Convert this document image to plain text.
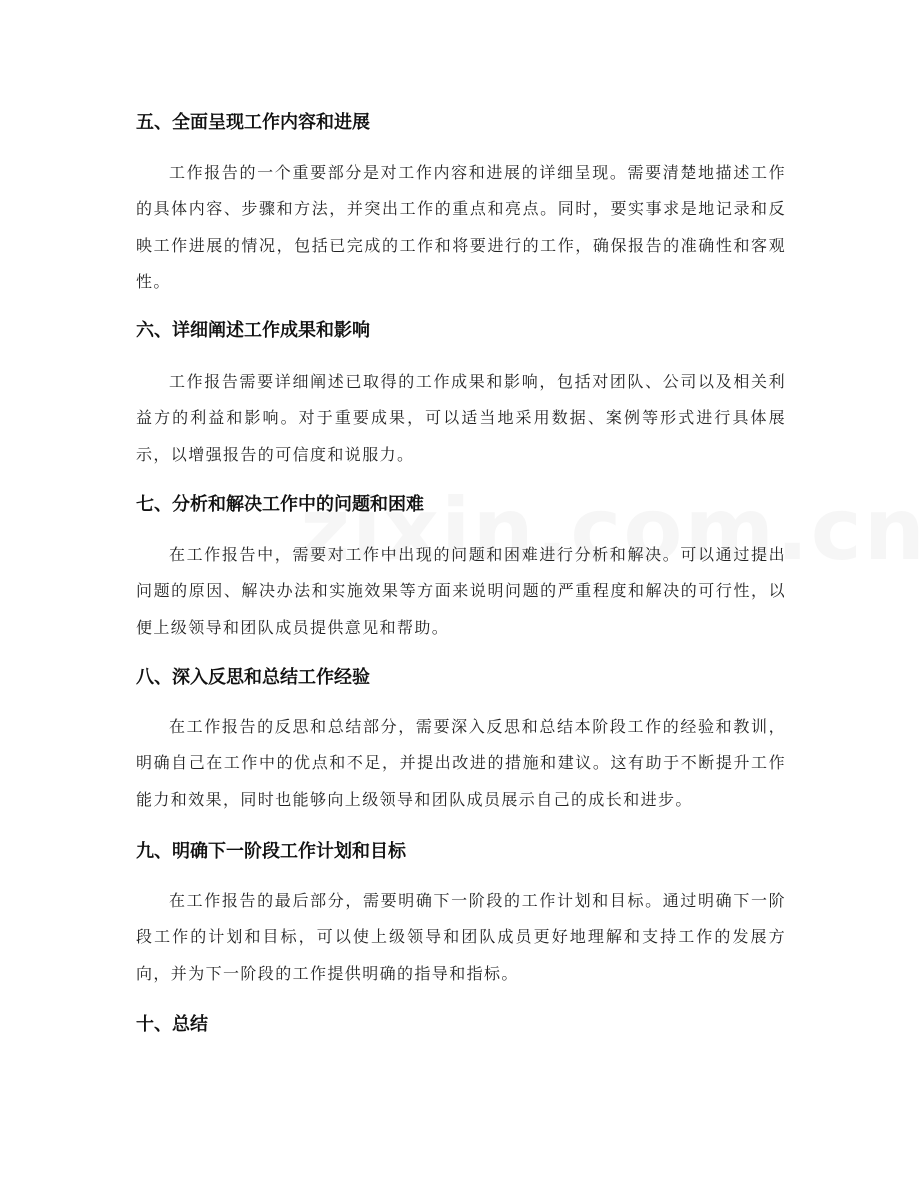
五、全面呈现工作内容和进展

工作报告的一个重要部分是对工作内容和进展的详细呈现。需要清楚地描述工作的具体内容、步骤和方法，并突出工作的重点和亮点。同时，要实事求是地记录和反映工作进展的情况，包括已完成的工作和将要进行的工作，确保报告的准确性和客观性。

六、详细阐述工作成果和影响

工作报告需要详细阐述已取得的工作成果和影响，包括对团队、公司以及相关利益方的利益和影响。对于重要成果，可以适当地采用数据、案例等形式进行具体展示，以增强报告的可信度和说服力。

七、分析和解决工作中的问题和困难

在工作报告中，需要对工作中出现的问题和困难进行分析和解决。可以通过提出问题的原因、解决办法和实施效果等方面来说明问题的严重程度和解决的可行性，以便上级领导和团队成员提供意见和帮助。

八、深入反思和总结工作经验

在工作报告的反思和总结部分，需要深入反思和总结本阶段工作的经验和教训，明确自己在工作中的优点和不足，并提出改进的措施和建议。这有助于不断提升工作能力和效果，同时也能够向上级领导和团队成员展示自己的成长和进步。

九、明确下一阶段工作计划和目标

在工作报告的最后部分，需要明确下一阶段的工作计划和目标。通过明确下一阶段工作的计划和目标，可以使上级领导和团队成员更好地理解和支持工作的发展方向，并为下一阶段的工作提供明确的指导和指标。

十、总结
